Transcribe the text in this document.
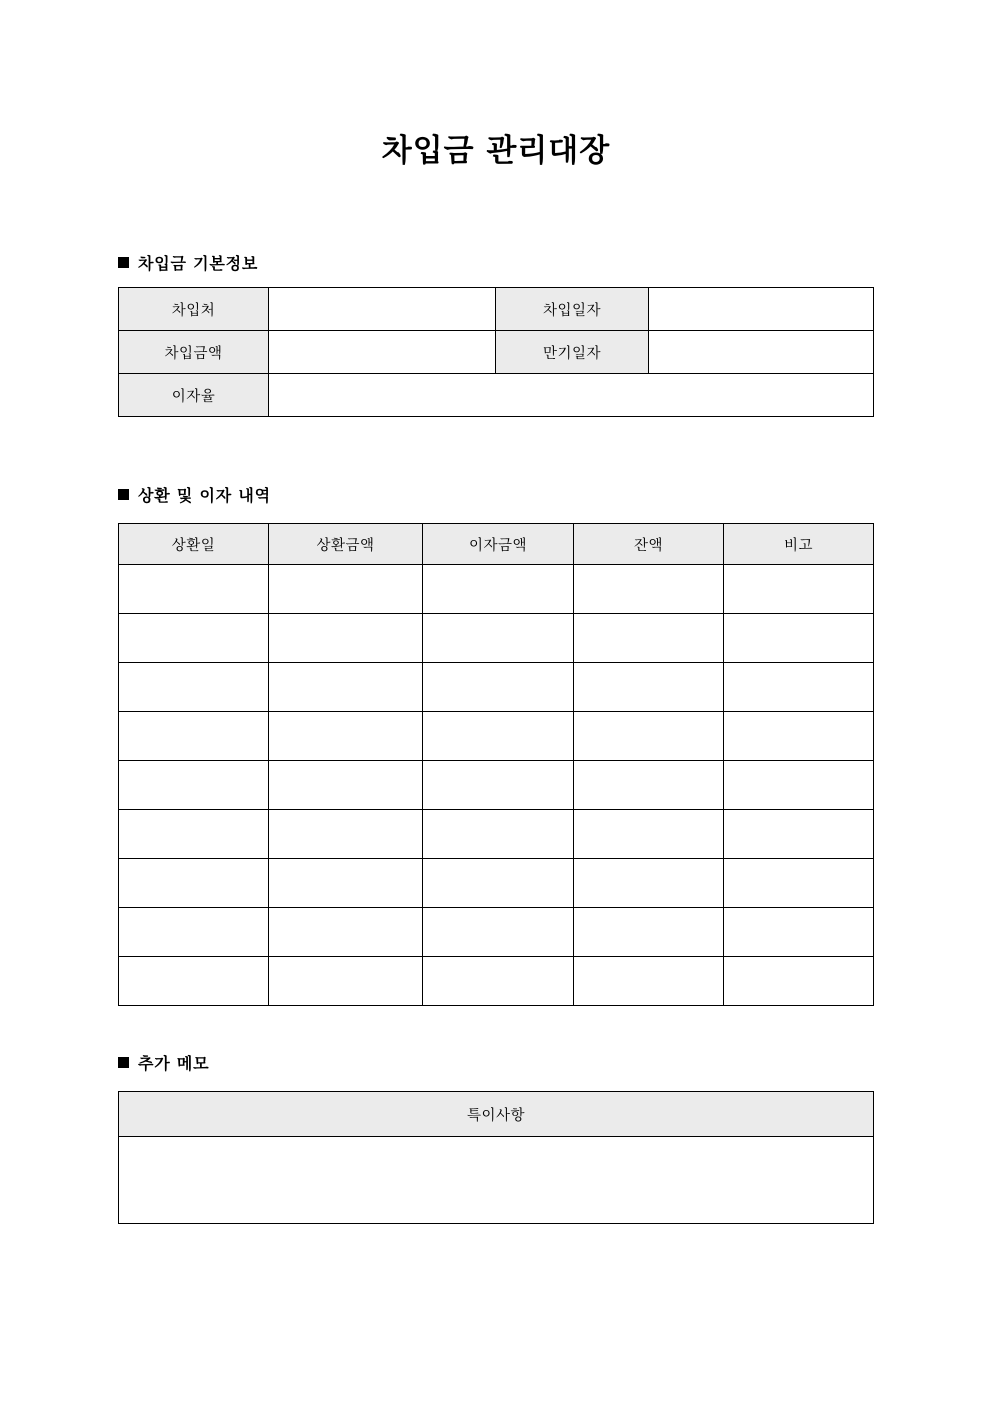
차입금 관리대장
차입금 기본정보
차입처		차입일자	
차입금액		만기일자	
이자율			
상환 및 이자 내역
상환일	상환금액	이자금액	잔액	비고

추가 메모
특이사항
